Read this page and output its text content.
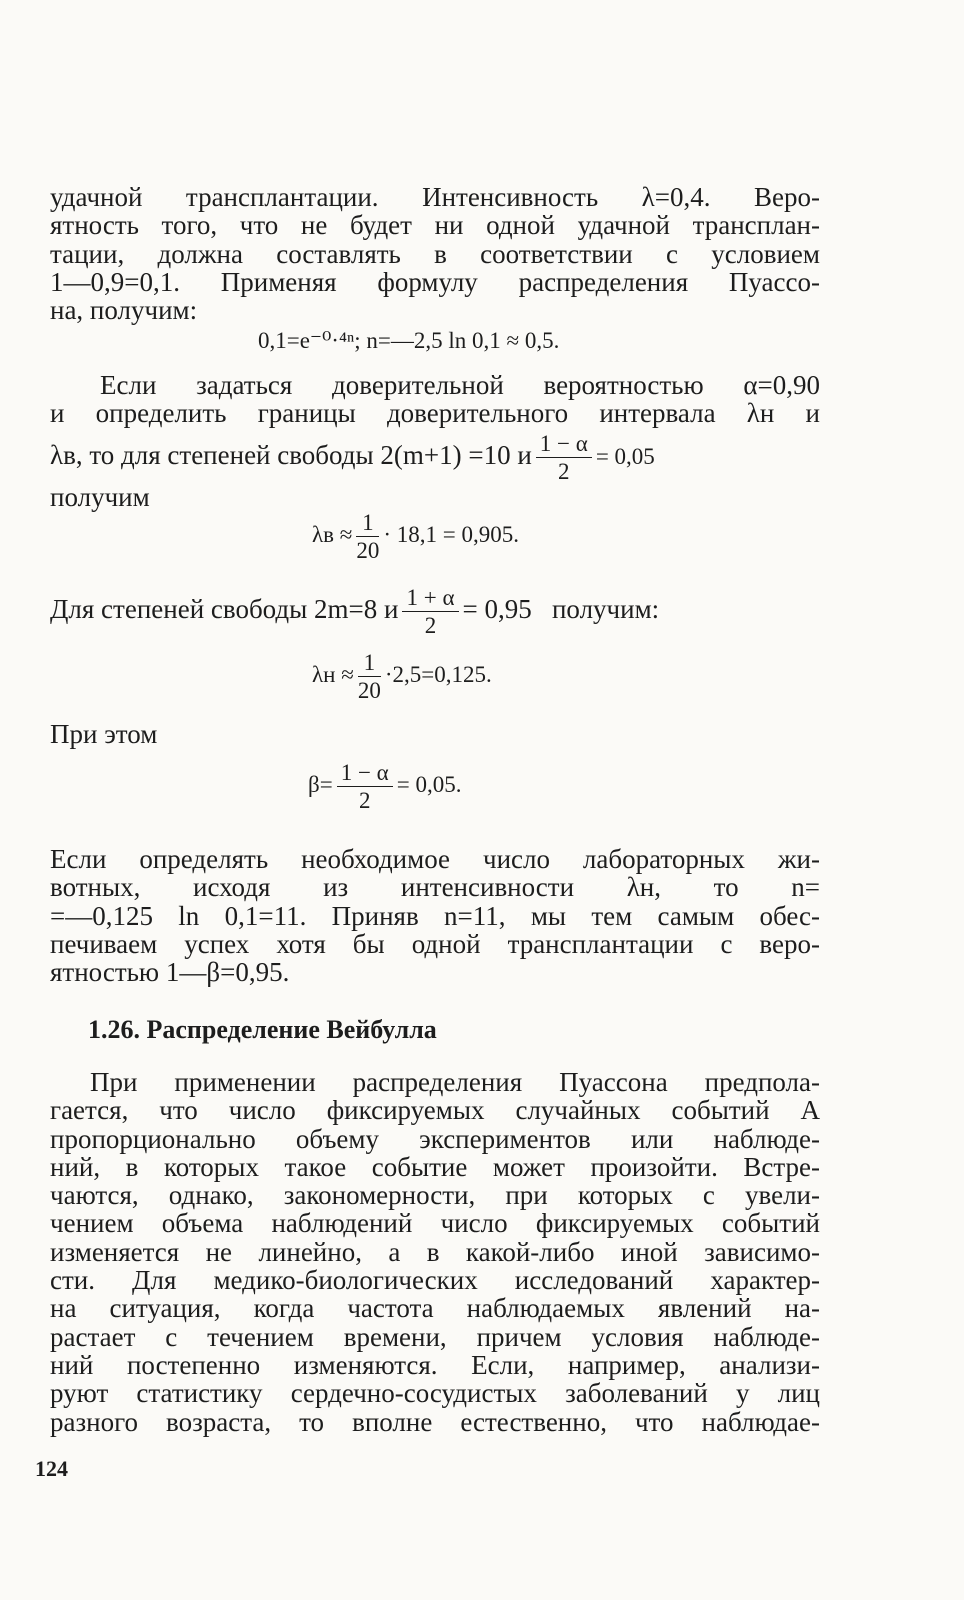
удачной трансплантации. Интенсивность λ=0,4. Веро-
ятность того, что не будет ни одной удачной трансплан-
тации, должна составлять в соответствии с условием
1—0,9=0,1. Применяя формулу распределения Пуассо-
на, получим:
0,1=e⁻⁰·⁴ⁿ; n=—2,5 ln 0,1 ≈ 0,5.
Если задаться доверительной вероятностью α=0,90
и определить границы доверительного интервала λн и
λв, то для степеней свободы 2(m+1) =10 и $\frac{1 - \alpha}{2} = 0,05$
получим
$\lambda в \approx \frac{1}{20} \cdot 18,1 = 0,905$.
Для степеней свободы 2m=8 и $\frac{1 + \alpha}{2} = 0,95$   получим:
$\lambda н \approx \frac{1}{20} \cdot 2,5=0,125$.
При этом
$\beta= \frac{1 - \alpha}{2} = 0,05$.
Если определять необходимое число лабораторных жи-
вотных, исходя из интенсивности λн, то n=
=—0,125 ln 0,1=11. Приняв n=11, мы тем самым обес-
печиваем успех хотя бы одной трансплантации с веро-
ятностью 1—β=0,95.
1.26. Распределение Вейбулла
При применении распределения Пуассона предпола-
гается, что число фиксируемых случайных событий A
пропорционально объему экспериментов или наблюде-
ний, в которых такое событие может произойти. Встре-
чаются, однако, закономерности, при которых с увели-
чением объема наблюдений число фиксируемых событий
изменяется не линейно, а в какой-либо иной зависимо-
сти. Для медико-биологических исследований характер-
на ситуация, когда частота наблюдаемых явлений на-
растает с течением времени, причем условия наблюде-
ний постепенно изменяются. Если, например, анализи-
руют статистику сердечно-сосудистых заболеваний у лиц
разного возраста, то вполне естественно, что наблюдае-
124
